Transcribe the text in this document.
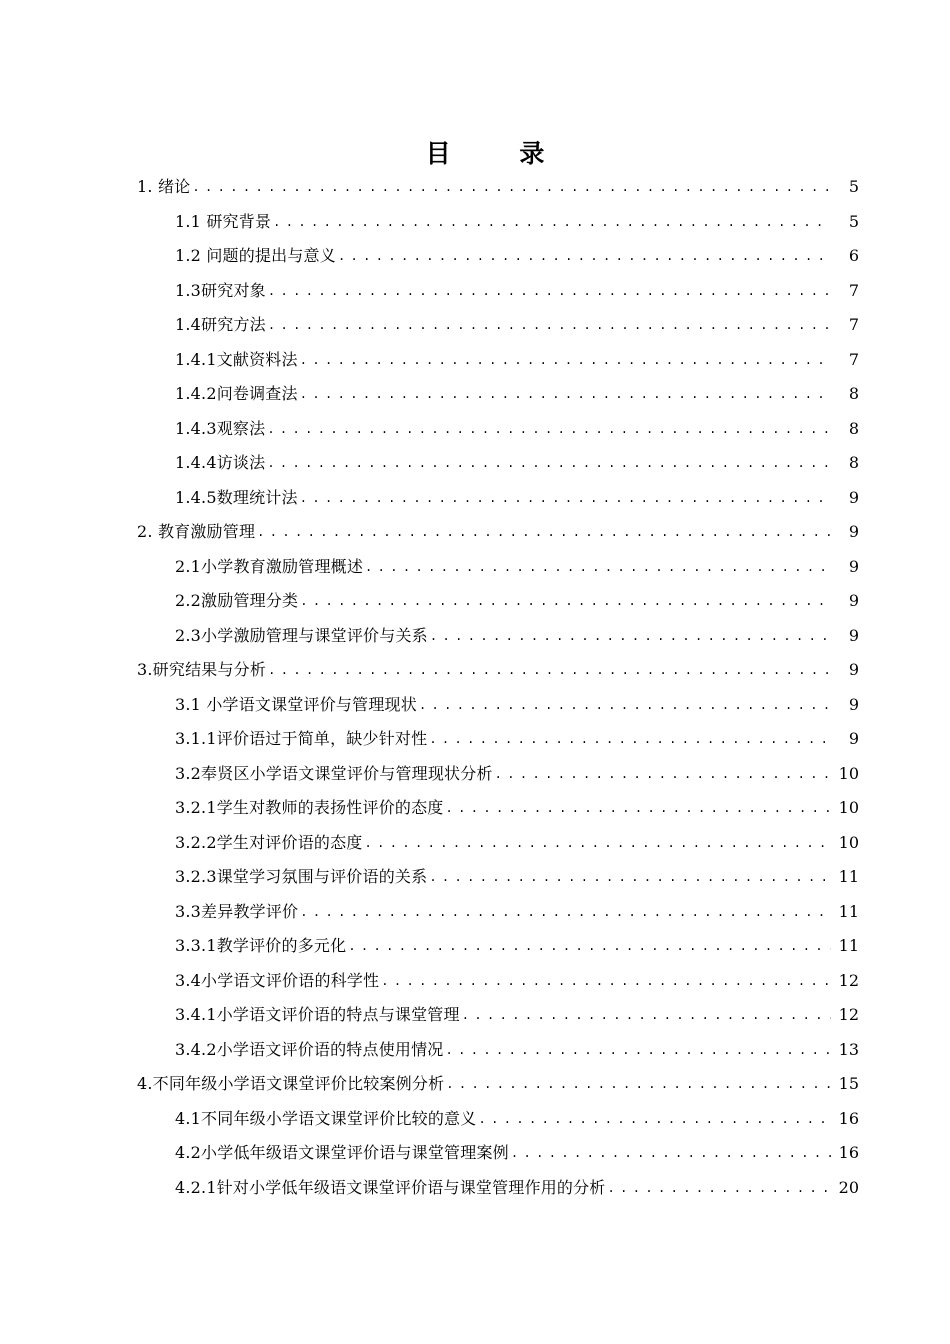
目 录
1. 绪论 .....	5
1.1 研究背景 .....	5
1.2 问题的提出与意义 .....	6
1.3研究对象 .....	7
1.4研究方法 .....	7
1.4.1文献资料法 .....	7
1.4.2问卷调查法 .....	8
1.4.3观察法 .....	8
1.4.4访谈法 .....	8
1.4.5数理统计法 .....	9
2. 教育激励管理 .....	9
2.1小学教育激励管理概述 .....	9
2.2激励管理分类 .....	9
2.3小学激励管理与课堂评价与关系 .....	9
3.研究结果与分析 .....	9
3.1 小学语文课堂评价与管理现状 .....	9
3.1.1评价语过于简单，缺少针对性 .....	9
3.2奉贤区小学语文课堂评价与管理现状分析 .....	10
3.2.1学生对教师的表扬性评价的态度 .....	10
3.2.2学生对评价语的态度 .....	10
3.2.3课堂学习氛围与评价语的关系 .....	11
3.3差异教学评价 .....	11
3.3.1教学评价的多元化 .....	11
3.4小学语文评价语的科学性 .....	12
3.4.1小学语文评价语的特点与课堂管理 .....	12
3.4.2小学语文评价语的特点使用情况 .....	13
4.不同年级小学语文课堂评价比较案例分析 .....	15
4.1不同年级小学语文课堂评价比较的意义 .....	16
4.2小学低年级语文课堂评价语与课堂管理案例 .....	16
4.2.1针对小学低年级语文课堂评价语与课堂管理作用的分析 .....	20
